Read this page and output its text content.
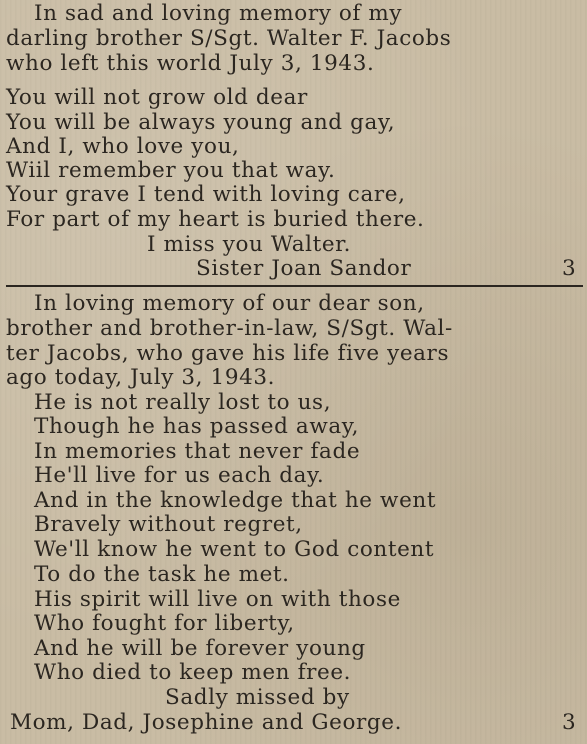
In sad and loving memory of my
darling brother S/Sgt. Walter F. Jacobs
who left this world July 3, 1943.
You will not grow old dear
You will be always young and gay,
And I, who love you,
Wiil remember you that way.
Your grave I tend with loving care,
For part of my heart is buried there.
I miss you Walter.
Sister Joan Sandor	3
In loving memory of our dear son,
brother and brother-in-law, S/Sgt. Wal-
ter Jacobs, who gave his life five years
ago today, July 3, 1943.
He is not really lost to us,
Though he has passed away,
In memories that never fade
He'll live for us each day.
And in the knowledge that he went
Bravely without regret,
We'll know he went to God content
To do the task he met.
His spirit will live on with those
Who fought for liberty,
And he will be forever young
Who died to keep men free.
Sadly missed by
Mom, Dad, Josephine and George.	3
